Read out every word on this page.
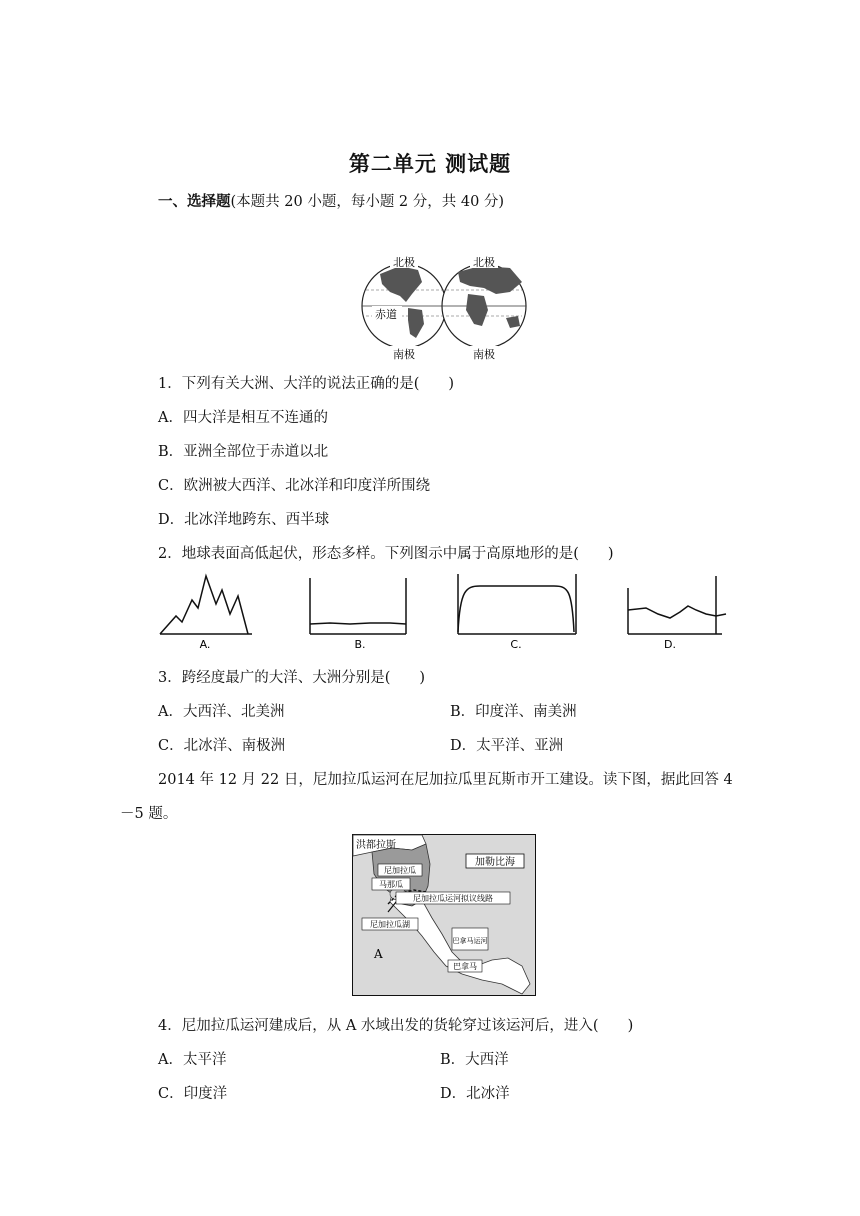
第二单元 测试题
一、选择题(本题共 20 小题，每小题 2 分，共 40 分)
北极	北极
赤道
南极	南极
1．下列有关大洲、大洋的说法正确的是(　　)
A．四大洋是相互不连通的
B．亚洲全部位于赤道以北
C．欧洲被大西洋、北冰洋和印度洋所围绕
D．北冰洋地跨东、西半球
2．地球表面高低起伏，形态多样。下列图示中属于高原地形的是(　　)
A.	B.	C.	D.
3．跨经度最广的大洋、大洲分别是(　　)
A．大西洋、北美洲	B．印度洋、南美洲
C．北冰洋、南极洲	D．太平洋、亚洲
2014 年 12 月 22 日，尼加拉瓜运河在尼加拉瓜里瓦斯市开工建设。读下图，据此回答 4
－5 题。
洪都拉斯
加勒比海
尼加拉瓜
马那瓜
尼加拉瓜运河拟议线路
尼加拉瓜湖
巴拿马运河
巴拿马
A
4．尼加拉瓜运河建成后，从 A 水域出发的货轮穿过该运河后，进入(　　)
A．太平洋	B．大西洋
C．印度洋	D．北冰洋
